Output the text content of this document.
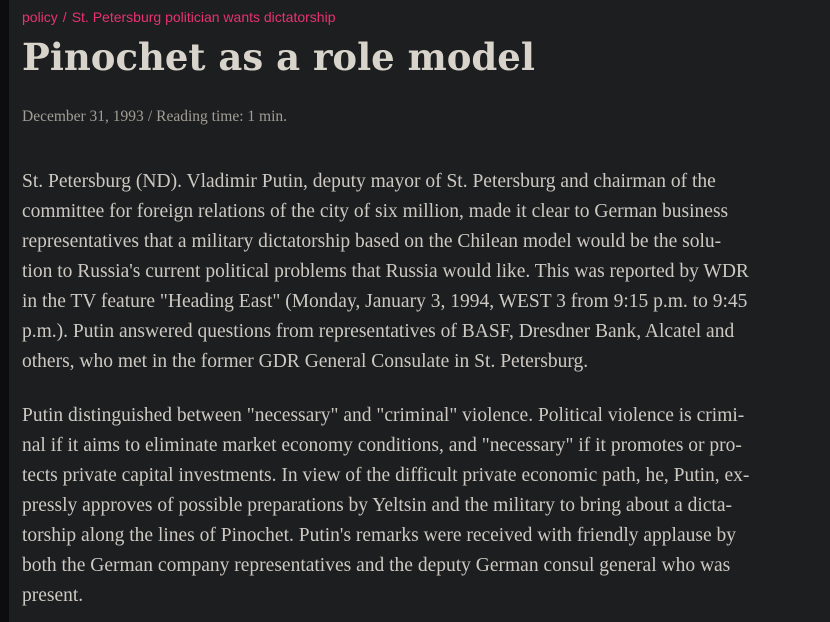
policy / St. Petersburg politician wants dictatorship
Pinochet as a role model
December 31, 1993 / Reading time: 1 min.
St. Petersburg (ND). Vladimir Putin, deputy mayor of St. Petersburg and chairman of the
committee for foreign relations of the city of six million, made it clear to German business
representatives that a military dictatorship based on the Chilean model would be the solu-
tion to Russia's current political problems that Russia would like. This was reported by WDR
in the TV feature "Heading East" (Monday, January 3, 1994, WEST 3 from 9:15 p.m. to 9:45
p.m.). Putin answered questions from representatives of BASF, Dresdner Bank, Alcatel and
others, who met in the former GDR General Consulate in St. Petersburg.
Putin distinguished between "necessary" and "criminal" violence. Political violence is crimi-
nal if it aims to eliminate market economy conditions, and "necessary" if it promotes or pro-
tects private capital investments. In view of the difficult private economic path, he, Putin, ex-
pressly approves of possible preparations by Yeltsin and the military to bring about a dicta-
torship along the lines of Pinochet. Putin's remarks were received with friendly applause by
both the German company representatives and the deputy German consul general who was
present.
